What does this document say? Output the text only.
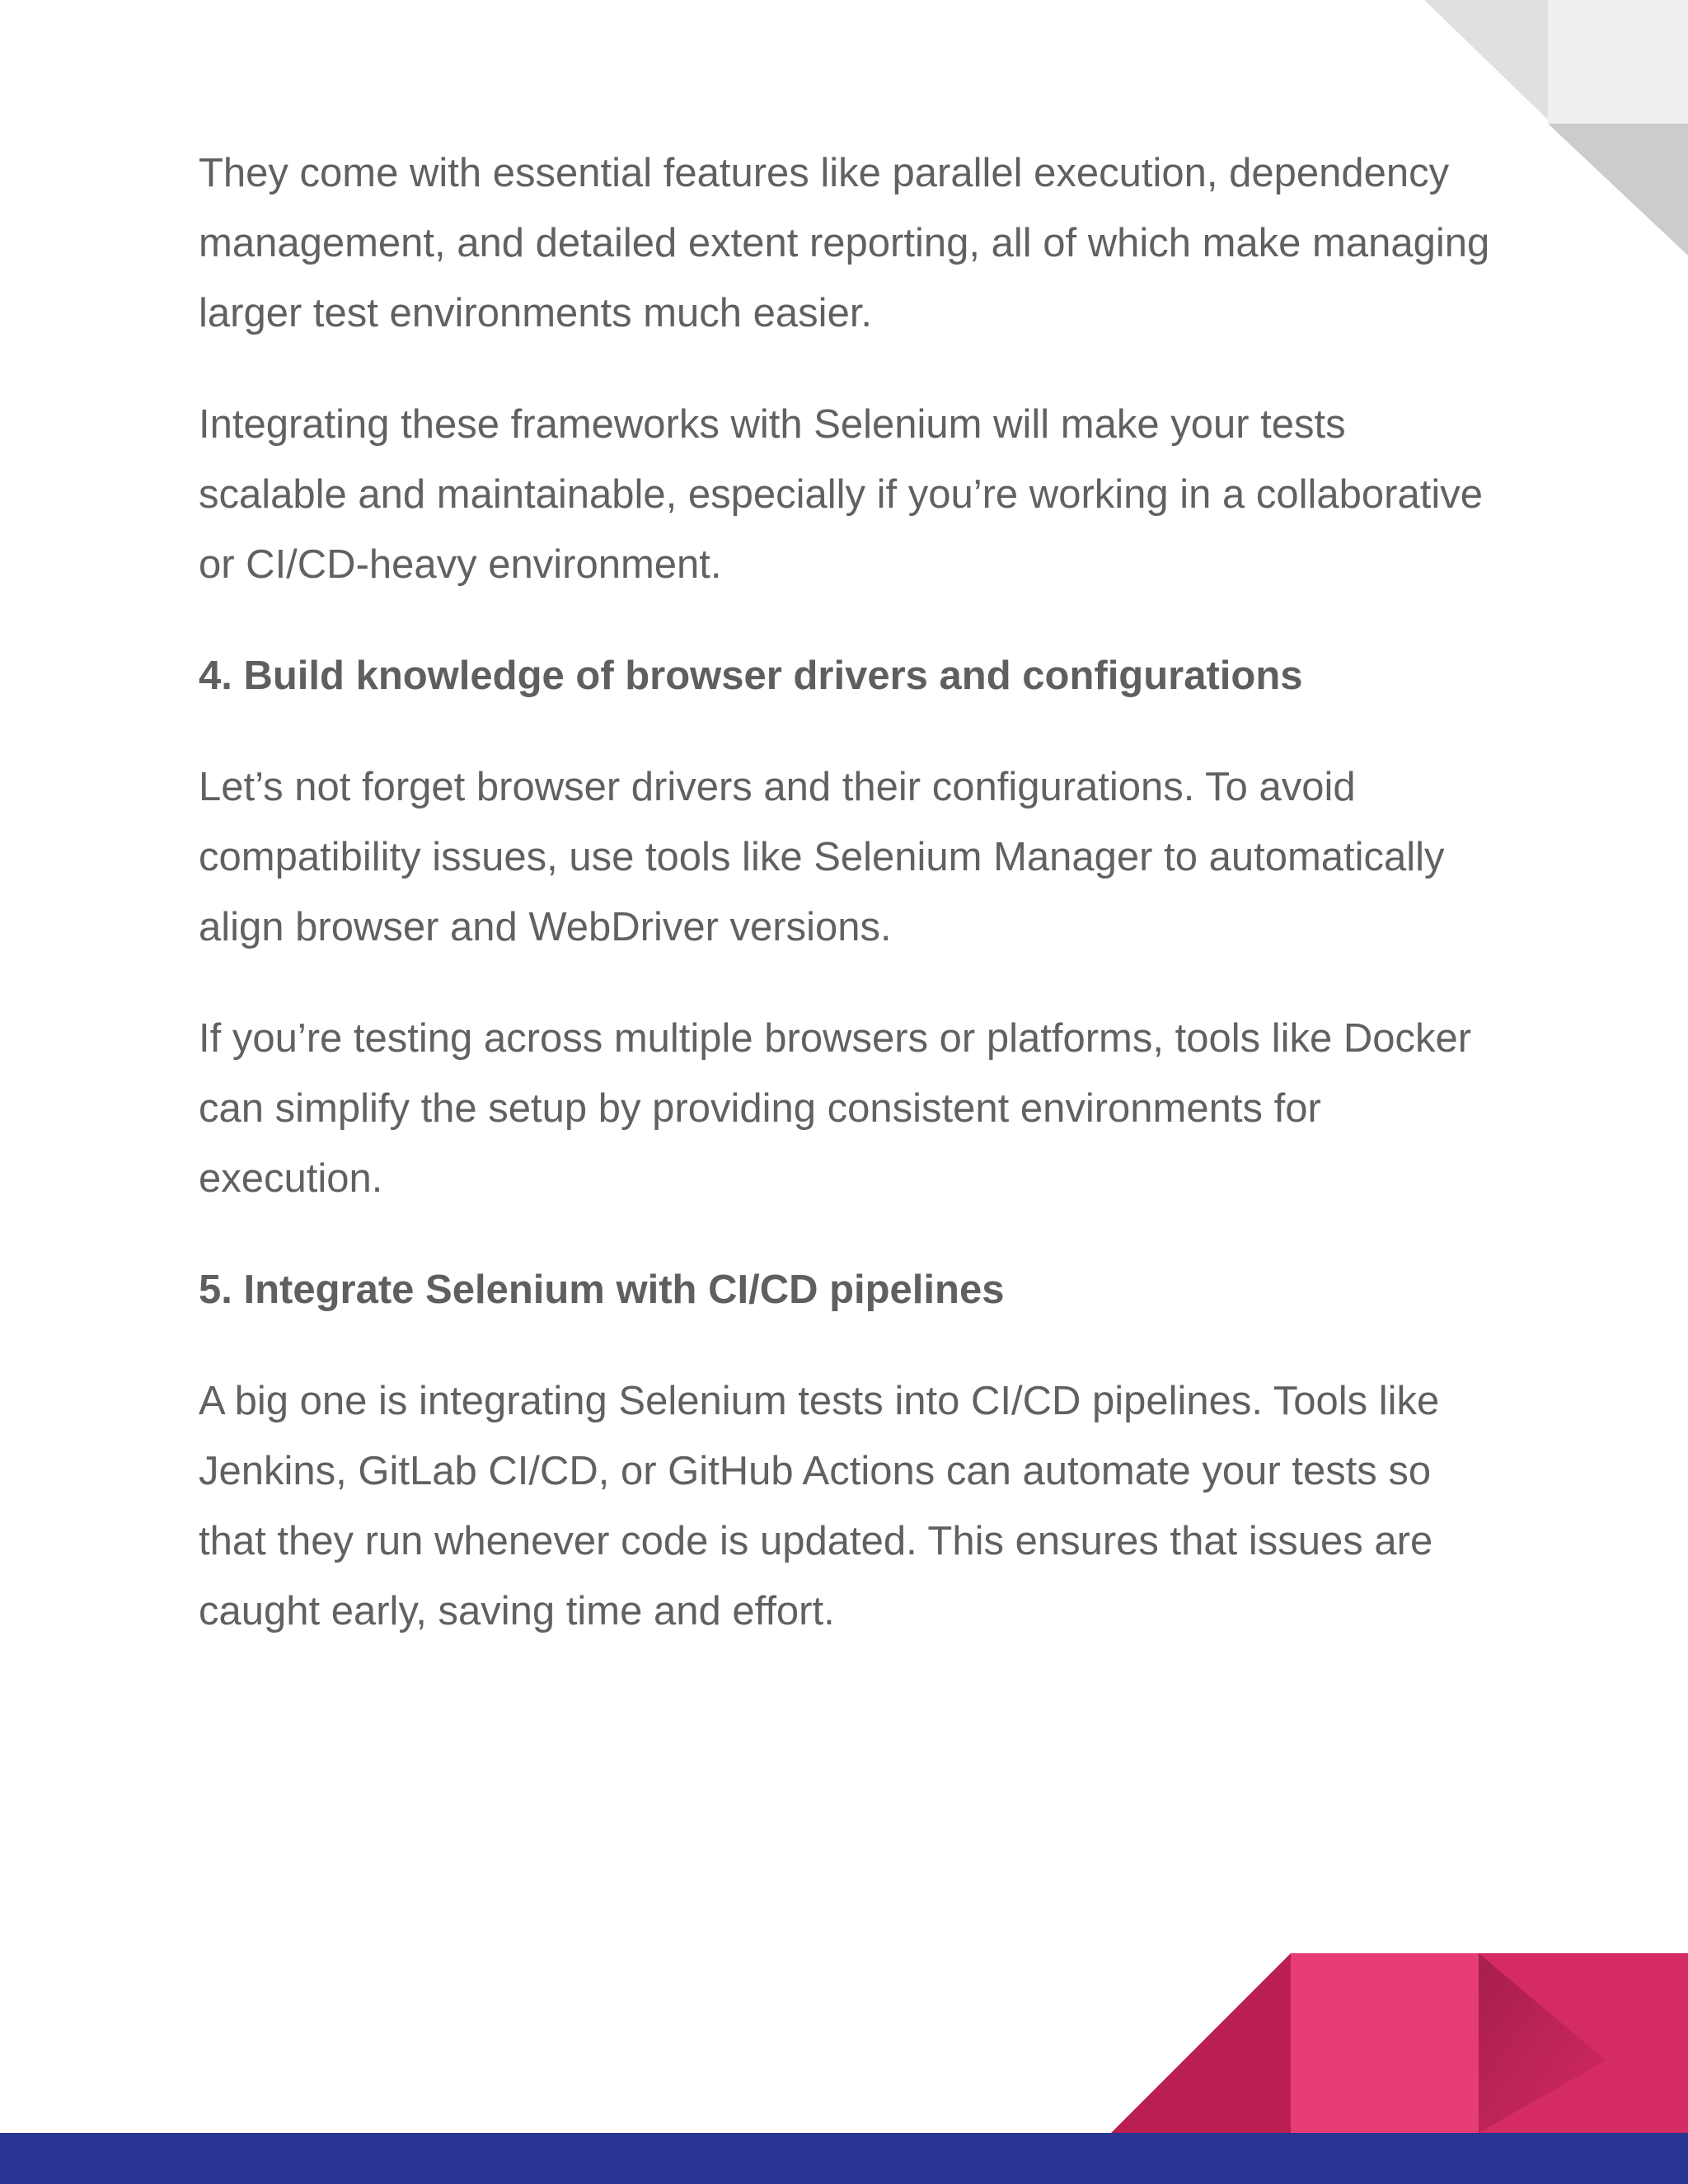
They come with essential features like parallel execution, dependency management, and detailed extent reporting, all of which make managing larger test environments much easier.

Integrating these frameworks with Selenium will make your tests scalable and maintainable, especially if you’re working in a collaborative or CI/CD-heavy environment.

4. Build knowledge of browser drivers and configurations

Let’s not forget browser drivers and their configurations. To avoid compatibility issues, use tools like Selenium Manager to automatically align browser and WebDriver versions.

If you’re testing across multiple browsers or platforms, tools like Docker can simplify the setup by providing consistent environments for execution.

5. Integrate Selenium with CI/CD pipelines

A big one is integrating Selenium tests into CI/CD pipelines. Tools like Jenkins, GitLab CI/CD, or GitHub Actions can automate your tests so that they run whenever code is updated. This ensures that issues are caught early, saving time and effort.
